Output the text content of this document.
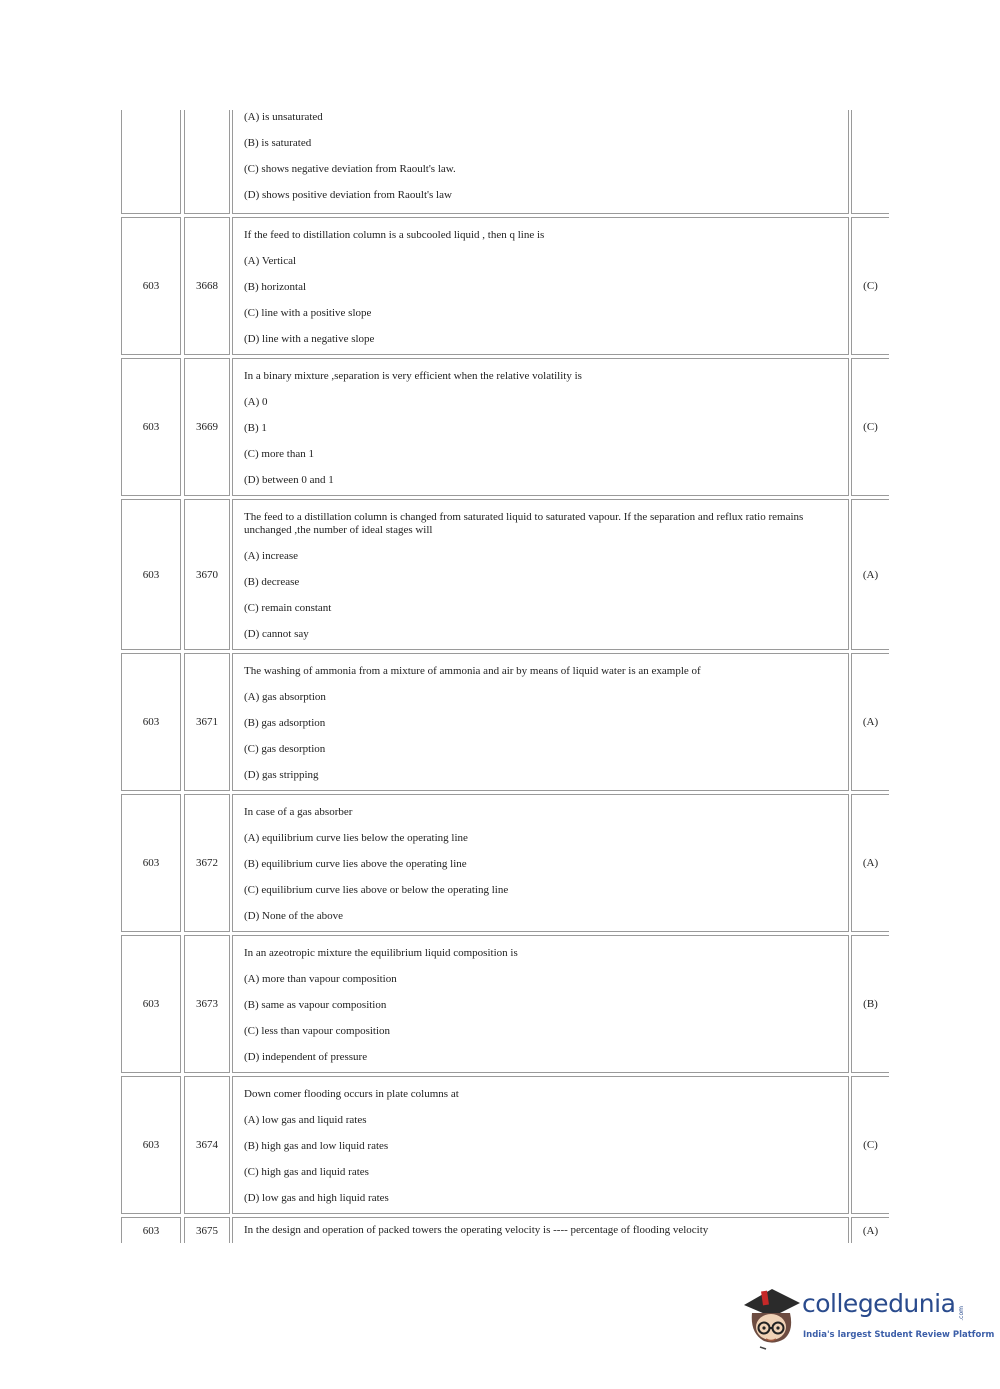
(A) is unsaturated
(B) is saturated
(C) shows negative deviation from Raoult's law.
(D) shows positive deviation from Raoult's law
603	3668
If the feed to distillation column is a subcooled liquid , then q line is
(A) Vertical
(B) horizontal
(C) line with a positive slope
(D) line with a negative slope
(C)
603	3669
In a binary mixture ,separation is very efficient when the relative volatility is
(A) 0
(B) 1
(C) more than 1
(D) between 0 and 1
(C)
603	3670
The feed to a distillation column is changed from saturated liquid to saturated vapour. If the separation and reflux ratio remains unchanged ,the number of ideal stages will
(A) increase
(B) decrease
(C) remain constant
(D) cannot say
(A)
603	3671
The washing of ammonia from a mixture of ammonia and air by means of liquid water is an example of
(A) gas absorption
(B) gas adsorption
(C) gas desorption
(D) gas stripping
(A)
603	3672
In case of a gas absorber
(A) equilibrium curve lies below the operating line
(B) equilibrium curve lies above the operating line
(C) equilibrium curve lies above or below the operating line
(D) None of the above
(A)
603	3673
In an azeotropic mixture the equilibrium liquid composition is
(A) more than vapour composition
(B) same as vapour composition
(C) less than vapour composition
(D) independent of pressure
(B)
603	3674
Down comer flooding occurs in plate columns at
(A) low gas and liquid rates
(B) high gas and low liquid rates
(C) high gas and liquid rates
(D) low gas and high liquid rates
(C)
603	3675	In the design and operation of packed towers the operating velocity is ---- percentage of flooding velocity	(A)
collegedunia .com
India's largest Student Review Platform
